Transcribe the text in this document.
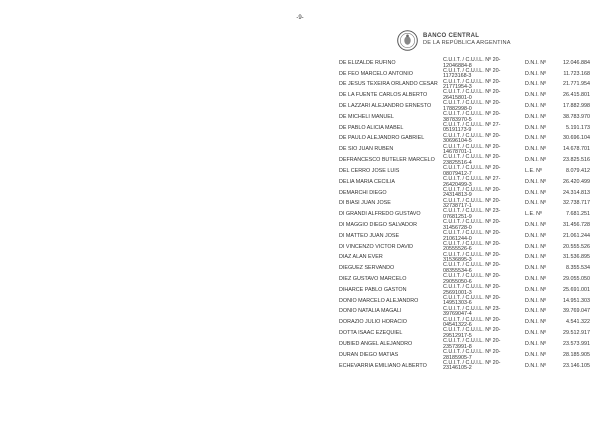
-9-
BANCO CENTRAL
DE LA REPÚBLICA ARGENTINA
DE ELIZALDE RUFINO	C.U.I.T. / C.U.I.L. Nº 20-
12046884-8	D.N.I. Nº	12.046.884
DE FEO MARCELO ANTONIO	C.U.I.T. / C.U.I.L. Nº 20-
11723168-3	D.N.I. Nº	11.723.168
DE JESUS TEXEIRA ORLANDO CESAR C.U.I.T. / C.U.I.L. Nº 20-
21771954-3	D.N.I. Nº	21.771.954
DE LA FUENTE CARLOS ALBERTO	C.U.I.T. / C.U.I.L. Nº 20-
26415801-0	D.N.I. Nº	26.415.801
DE LAZZARI ALEJANDRO ERNESTO C.U.I.T. / C.U.I.L. Nº 20-
17882998-0	D.N.I. Nº	17.882.998
DE MICHELI MANUEL	C.U.I.T. / C.U.I.L. Nº 20-
38783970-5	D.N.I. Nº	38.783.970
DE PABLO ALICIA MABEL	C.U.I.T. / C.U.I.L. Nº 27-
05191173-9	D.N.I. Nº	5.191.173
DE PAULO ALEJANDRO GABRIEL	C.U.I.T. / C.U.I.L. Nº 20-
30696104-5	D.N.I. Nº	30.696.104
DE SIO JUAN RUBEN	C.U.I.T. / C.U.I.L. Nº 20-
14678701-1	D.N.I. Nº	14.678.701
DEFRANCESCO BUTELER MARCELO C.U.I.T. / C.U.I.L. Nº 20-
23825516-4	D.N.I. Nº	23.825.516
DEL CERRO JOSE LUIS	C.U.I.T. / C.U.I.L. Nº 20-
08079412-7	L.E. Nº	8.079.412
DELIA MARIA CECILIA	C.U.I.T. / C.U.I.L. Nº 27-
26420499-3	D.N.I. Nº	26.420.499
DEMARCHI DIEGO	C.U.I.T. / C.U.I.L. Nº 20-
24314813-9	D.N.I. Nº	24.314.813
DI BIASI JUAN JOSE	C.U.I.T. / C.U.I.L. Nº 20-
32738717-1	D.N.I. Nº	32.738.717
DI GRANDI ALFREDO GUSTAVO	C.U.I.T. / C.U.I.L. Nº 23-
07681251-9	L.E. Nº	7.681.251
DI MAGGIO DIEGO SALVADOR	C.U.I.T. / C.U.I.L. Nº 20-
31456728-0	D.N.I. Nº	31.456.728
DI MATTEO JUAN JOSE	C.U.I.T. / C.U.I.L. Nº 20-
21061244-0	D.N.I. Nº	21.061.244
DI VINCENZO VICTOR DAVID	C.U.I.T. / C.U.I.L. Nº 20-
20555526-6	D.N.I. Nº	20.555.526
DIAZ ALAN EVER	C.U.I.T. / C.U.I.L. Nº 20-
31536895-3	D.N.I. Nº	31.536.895
DIEGUEZ SERVANDO	C.U.I.T. / C.U.I.L. Nº 20-
08355534-6	D.N.I. Nº	8.355.534
DIEZ GUSTAVO MARCELO	C.U.I.T. / C.U.I.L. Nº 20-
29055050-6	D.N.I. Nº	29.055.050
DIHARCE PABLO GASTON	C.U.I.T. / C.U.I.L. Nº 20-
25691001-3	D.N.I. Nº	25.691.001
DONIO MARCELO ALEJANDRO	C.U.I.T. / C.U.I.L. Nº 20-
14951303-6	D.N.I. Nº	14.951.303
DONIO NATALIA MAGALI	C.U.I.T. / C.U.I.L. Nº 23-
39769047-4	D.N.I. Nº	39.769.047
DORAZIO JULIO HORACIO	C.U.I.T. / C.U.I.L. Nº 20-
04541322-6	D.N.I. Nº	4.541.322
DOTTA ISAAC EZEQUIEL	C.U.I.T. / C.U.I.L. Nº 20-
29512917-5	D.N.I. Nº	29.512.917
DUBIED ANGEL ALEJANDRO	C.U.I.T. / C.U.I.L. Nº 20-
23573991-8	D.N.I. Nº	23.573.991
DURAN DIEGO MATIAS	C.U.I.T. / C.U.I.L. Nº 20-
28185905-7	D.N.I. Nº	28.185.905
ECHEVARRIA EMILIANO ALBERTO	C.U.I.T. / C.U.I.L. Nº 20-
23146105-2	D.N.I. Nº	23.146.105
